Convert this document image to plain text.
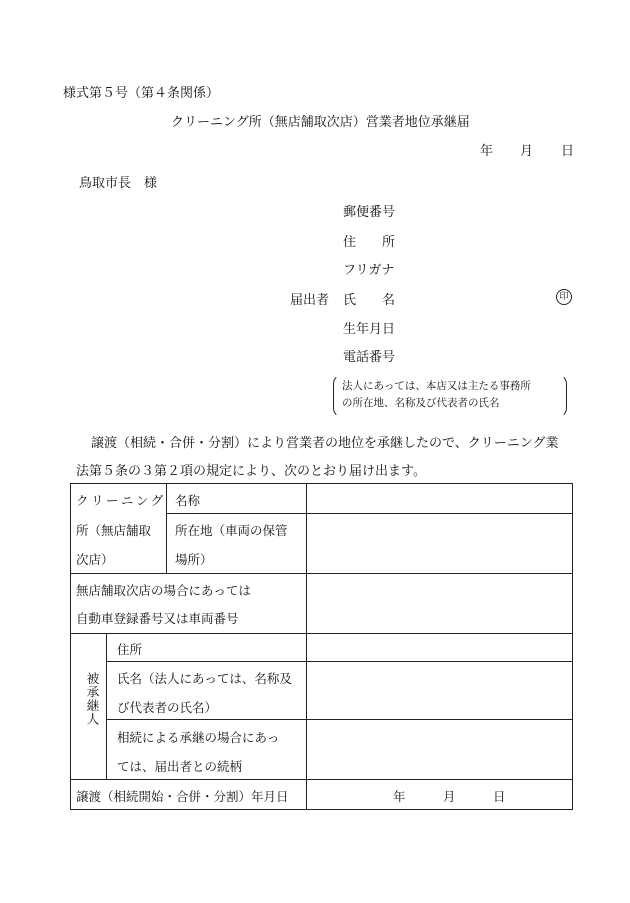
様式第５号（第４条関係）
クリーニング所（無店舗取次店）営業者地位承継届
年 月 日
鳥取市長　様
郵便番号
住　　所
フリガナ
届出者 氏　　名	印
生年月日
電話番号
法人にあっては、本店又は主たる事務所
の所在地、名称及び代表者の氏名
譲渡（相続・合併・分割）により営業者の地位を承継したので、クリーニング業
法第５条の３第２項の規定により、次のとおり届け出ます。
クリーニング
所（無店舗取
次店）
名称
所在地（車両の保管
場所）
無店舗取次店の場合にあっては
自動車登録番号又は車両番号
被承継人
住所
氏名（法人にあっては、名称及
び代表者の氏名）
相続による承継の場合にあっ
ては、届出者との続柄
譲渡（相続開始・合併・分割）年月日	年　　　月　　　日
